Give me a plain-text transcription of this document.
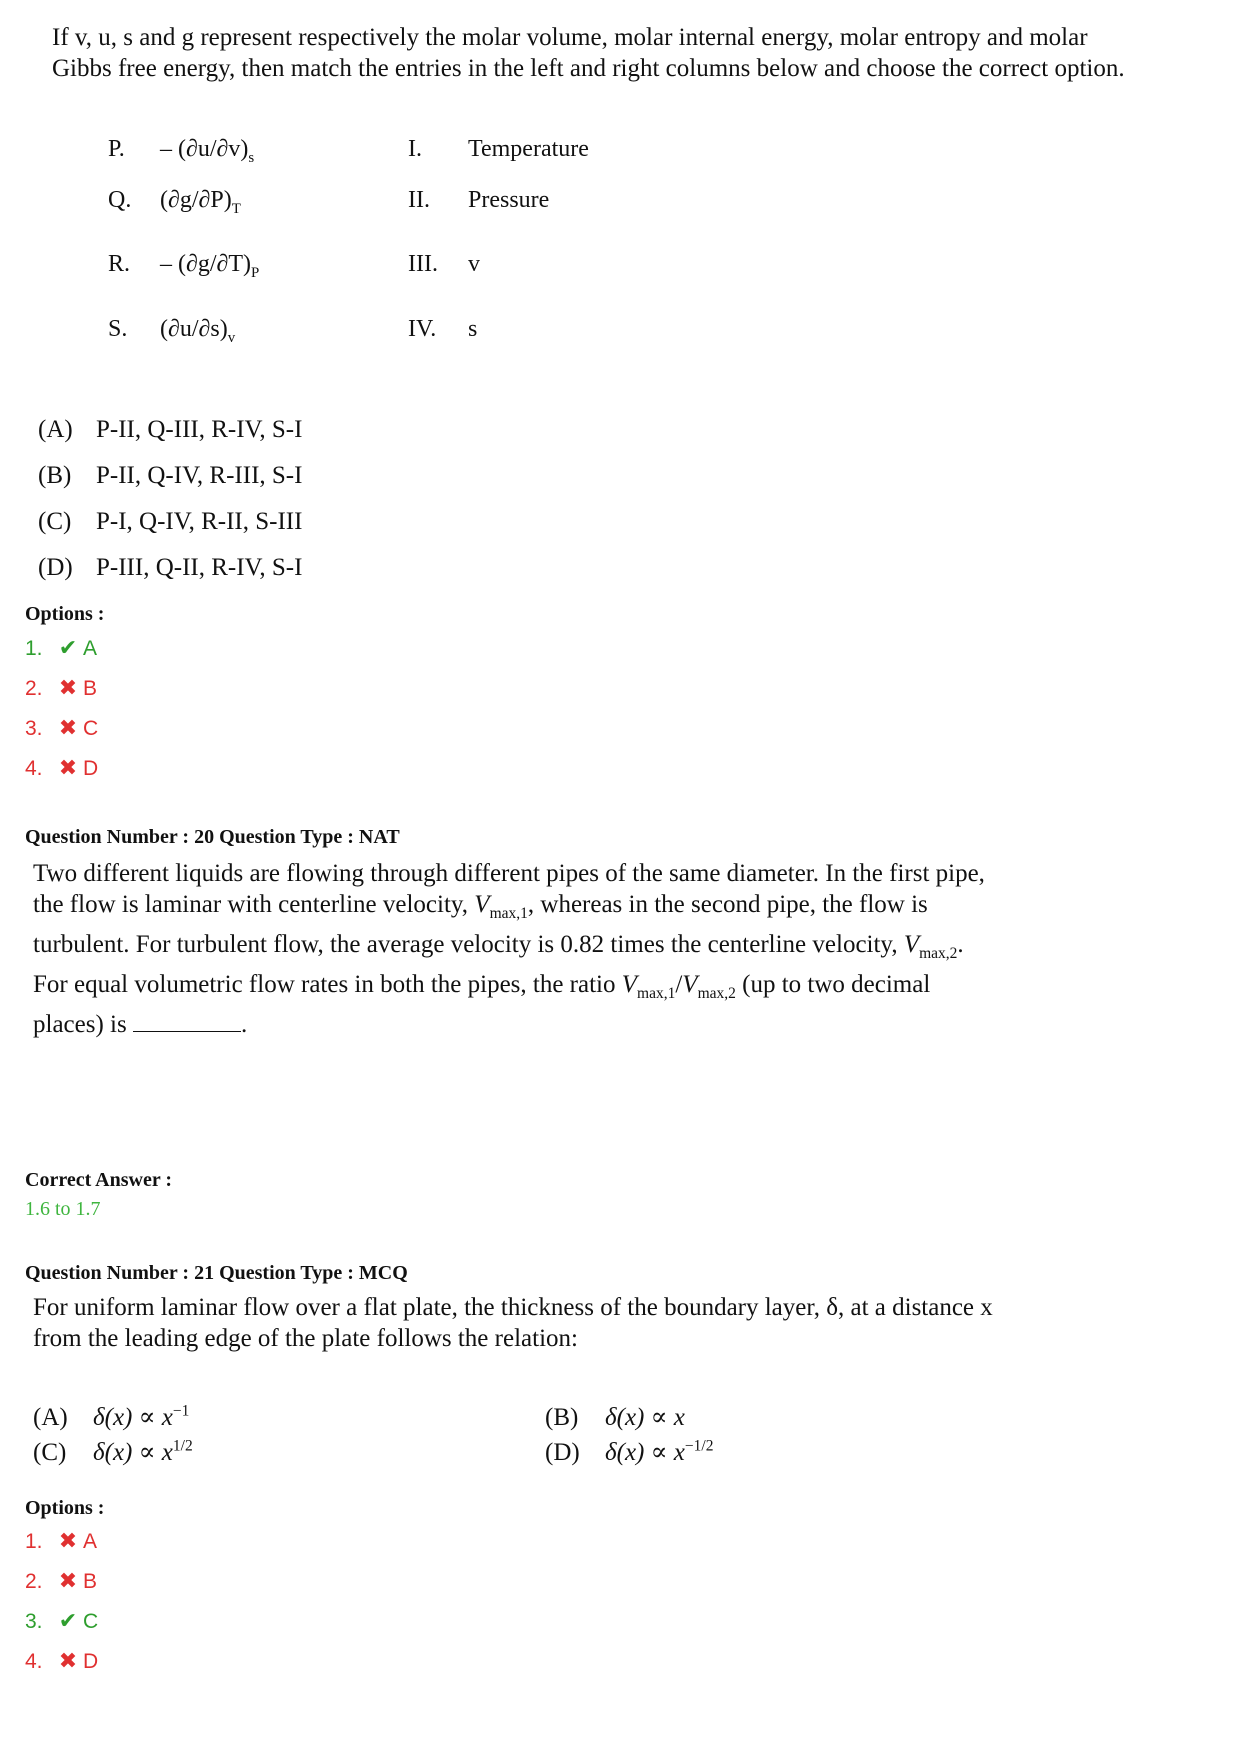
If v, u, s and g represent respectively the molar volume, molar internal energy, molar entropy and molar Gibbs free energy, then match the entries in the left and right columns below and choose the correct option.
P. – $(\partial u/\partial v)_s$	I. Temperature
Q. $(\partial g/\partial P)_T$	II. Pressure
R. – $(\partial g/\partial T)_P$	III. v
S. $(\partial u/\partial s)_v$	IV. s
(A) P-II, Q-III, R-IV, S-I
(B) P-II, Q-IV, R-III, S-I
(C) P-I, Q-IV, R-II, S-III
(D) P-III, Q-II, R-IV, S-I
Options :
1. ✔ A
2. ✖ B
3. ✖ C
4. ✖ D
Question Number : 20 Question Type : NAT
Two different liquids are flowing through different pipes of the same diameter. In the first pipe,
the flow is laminar with centerline velocity, $V_{max,1}$, whereas in the second pipe, the flow is
turbulent. For turbulent flow, the average velocity is 0.82 times the centerline velocity, $V_{max,2}$.
For equal volumetric flow rates in both the pipes, the ratio $V_{max,1}/V_{max,2}$ (up to two decimal
places) is	.
Correct Answer :
1.6 to 1.7
Question Number : 21 Question Type : MCQ
For uniform laminar flow over a flat plate, the thickness of the boundary layer, δ, at a distance x
from the leading edge of the plate follows the relation:
(A) $\delta(x) \propto x^{-1}$	(B) δ(x) ∝ x
(C) $\delta(x) \propto x^{1/2}$	(D) $\delta(x) \propto x^{-1/2}$
Options :
1. ✖ A
2. ✖ B
3. ✔ C
4. ✖ D
